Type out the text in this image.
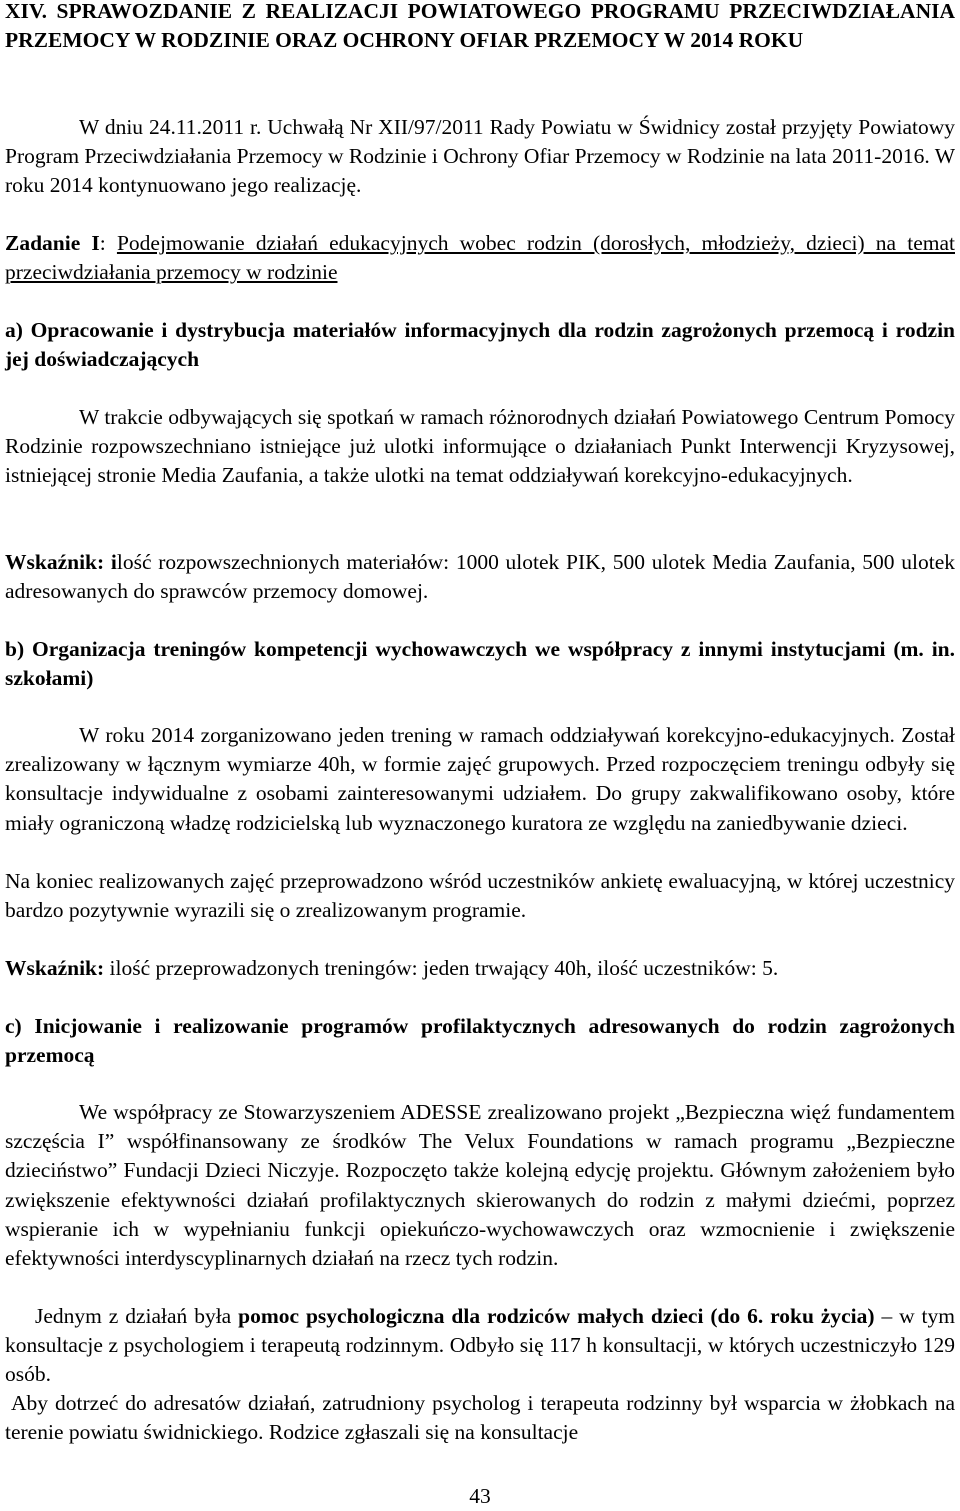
XIV. SPRAWOZDANIE Z REALIZACJI POWIATOWEGO PROGRAMU PRZECIWDZIAŁANIA PRZEMOCY W RODZINIE ORAZ OCHRONY OFIAR PRZEMOCY W 2014 ROKU

W dniu 24.11.2011 r. Uchwałą Nr XII/97/2011 Rady Powiatu w Świdnicy został przyjęty Powiatowy Program Przeciwdziałania Przemocy w Rodzinie i Ochrony Ofiar Przemocy w Rodzinie na lata 2011-2016. W roku 2014 kontynuowano jego realizację.

Zadanie I: Podejmowanie działań edukacyjnych wobec rodzin (dorosłych, młodzieży, dzieci) na temat przeciwdziałania przemocy w rodzinie

a) Opracowanie i dystrybucja materiałów informacyjnych dla rodzin zagrożonych przemocą i rodzin jej doświadczających

W trakcie odbywających się spotkań w ramach różnorodnych działań Powiatowego Centrum Pomocy Rodzinie rozpowszechniano istniejące już ulotki informujące o działaniach Punkt Interwencji Kryzysowej, istniejącej stronie Media Zaufania, a także ulotki na temat oddziaływań korekcyjno-edukacyjnych.

Wskaźnik: ilość rozpowszechnionych materiałów: 1000 ulotek PIK, 500 ulotek Media Zaufania, 500 ulotek adresowanych do sprawców przemocy domowej.

b) Organizacja treningów kompetencji wychowawczych we współpracy z innymi instytucjami (m. in. szkołami)

W roku 2014 zorganizowano jeden trening w ramach oddziaływań korekcyjno-edukacyjnych. Został zrealizowany w łącznym wymiarze 40h, w formie zajęć grupowych. Przed rozpoczęciem treningu odbyły się konsultacje indywidualne z osobami zainteresowanymi udziałem. Do grupy zakwalifikowano osoby, które miały ograniczoną władzę rodzicielską lub wyznaczonego kuratora ze względu na zaniedbywanie dzieci.

Na koniec realizowanych zajęć przeprowadzono wśród uczestników ankietę ewaluacyjną, w której uczestnicy bardzo pozytywnie wyrazili się o zrealizowanym programie.

Wskaźnik: ilość przeprowadzonych treningów: jeden trwający 40h, ilość uczestników: 5.

c) Inicjowanie i realizowanie programów profilaktycznych adresowanych do rodzin zagrożonych przemocą

We współpracy ze Stowarzyszeniem ADESSE zrealizowano projekt „Bezpieczna więź fundamentem szczęścia I” współfinansowany ze środków The Velux Foundations w ramach programu „Bezpieczne dzieciństwo” Fundacji Dzieci Niczyje. Rozpoczęto także kolejną edycję projektu. Głównym założeniem było zwiększenie efektywności działań profilaktycznych skierowanych do rodzin z małymi dziećmi, poprzez wspieranie ich w wypełnianiu funkcji opiekuńczo-wychowawczych oraz wzmocnienie i zwiększenie efektywności interdyscyplinarnych działań na rzecz tych rodzin.

Jednym z działań była pomoc psychologiczna dla rodziców małych dzieci (do 6. roku życia) – w tym konsultacje z psychologiem i terapeutą rodzinnym. Odbyło się 117 h konsultacji, w których uczestniczyło 129 osób.

Aby dotrzeć do adresatów działań, zatrudniony psycholog i terapeuta rodzinny był wsparcia w żłobkach na terenie powiatu świdnickiego. Rodzice zgłaszali się na konsultacje

43
